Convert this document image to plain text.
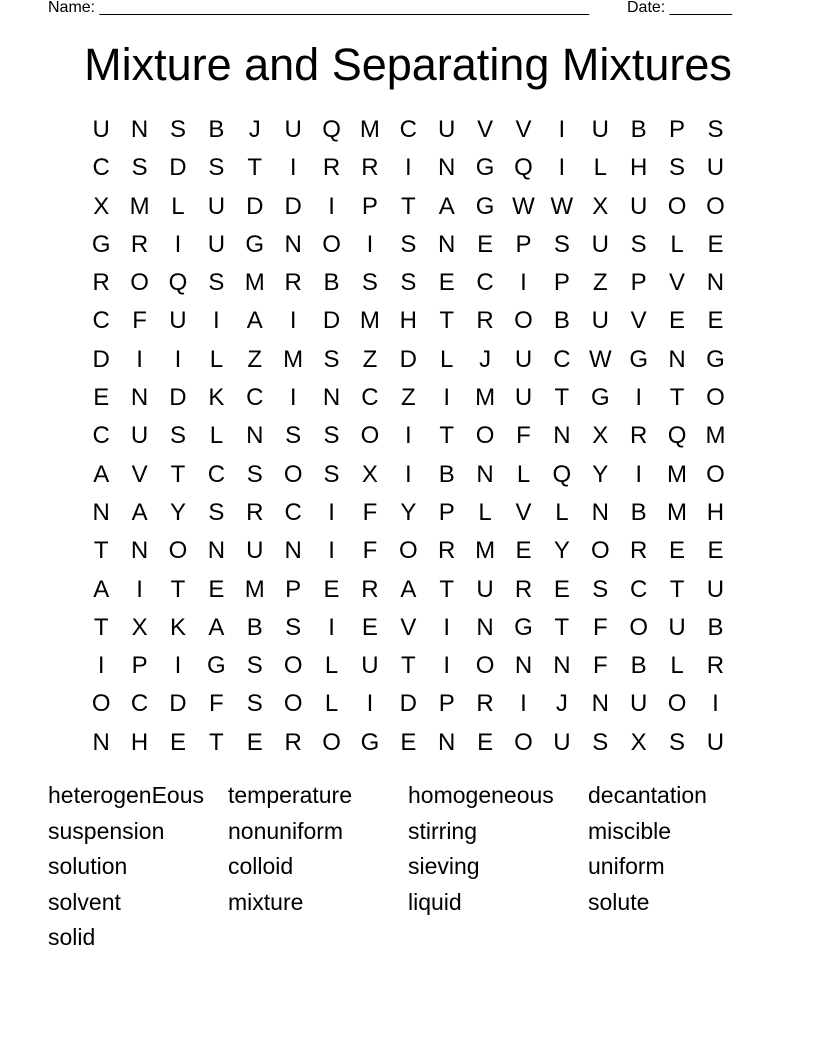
Name: _______________________________________________________ Date: _______
Mixture and Separating Mixtures
U N S B	J U Q M C U V V	I	U B P S
C S D S T	I	R R	I	N G Q	I	L H S U
X M L U D D	I	P T A G W W X U O O
G R	I	U G N O	I	S N E P S U S L E
R O Q S M R B S S E C	I	P Z P V N
C F U	I	A	I	D M H T R O B U V E E
D	I	I	L	Z M S Z D L	J U C W G N G
E N D K C	I	N C Z	I	M U T G	I	T O
C U S L N S S O	I	T O F N X R Q M
A V T C S O S X	I	B N L Q Y	I	M O
N A Y S R C	I	F Y P L V L N B M H
T N O N U N	I	F O R M E Y O R E E
A	I	T E M P E R A T U R E S C T U
T X K A B S	I	E V	I	N G T F O U B
I	P	I	G S O L U T	I	O N N F B L R
O C D F S O L	I	D P R	I	J N U O	I
N H E T E R O G E N E O U S X S U
heterogenEous	temperature	homogeneous	decantation
suspension	nonuniform	stirring	miscible
solution	colloid	sieving	uniform
solvent	mixture	liquid	solute
solid
